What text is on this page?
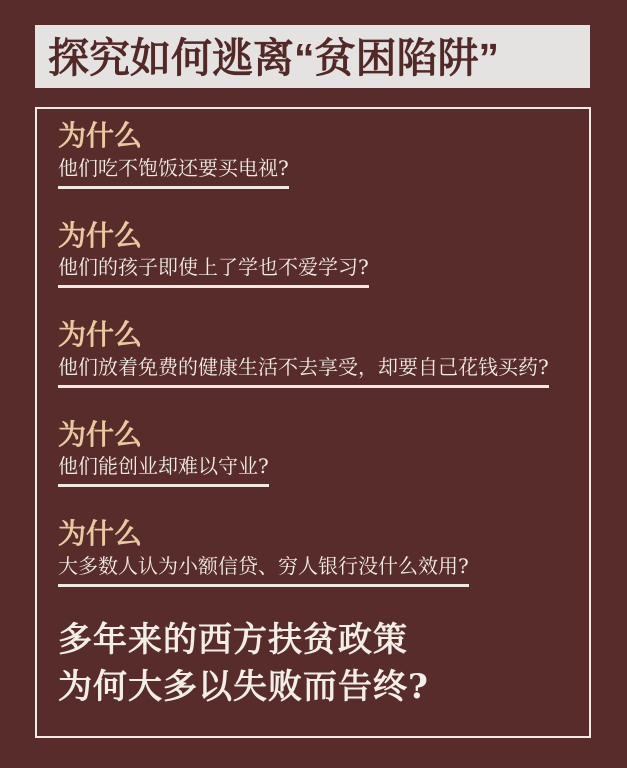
探究如何逃离“贫困陷阱”
为什么
他们吃不饱饭还要买电视?
为什么
他们的孩子即使上了学也不爱学习?
为什么
他们放着免费的健康生活不去享受，却要自己花钱买药?
为什么
他们能创业却难以守业?
为什么
大多数人认为小额信贷、穷人银行没什么效用?
多年来的西方扶贫政策
为何大多以失败而告终?
